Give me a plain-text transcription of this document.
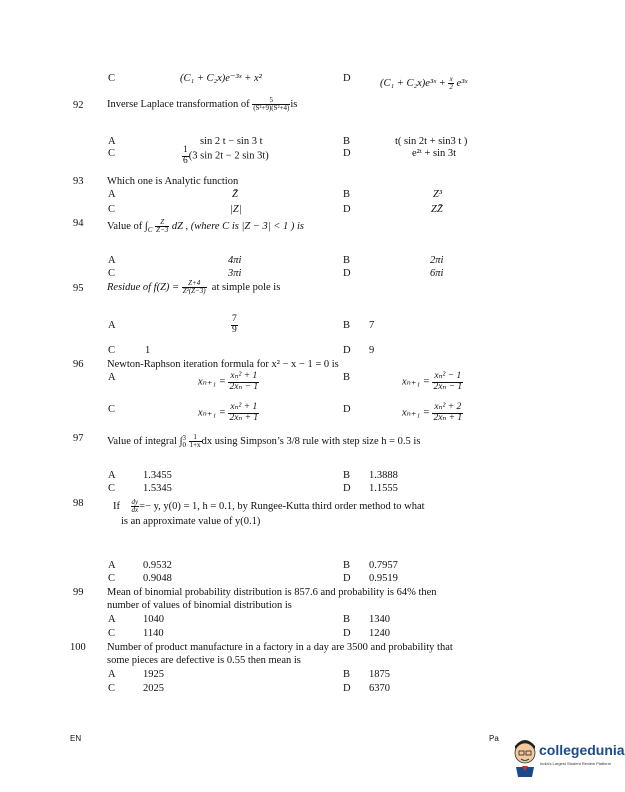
C	(C₁ + C₂x)e⁻³ˣ + x²	D	(C₁ + C₂x)e³ˣ + $\frac{x}{2}$ e³ˣ
92 Inverse Laplace transformation of $\frac{5}{\text{(S²+9)(S²+4)}}$ is
A	sin 2 t − sin 3 t	B	t( sin 2t + sin3 t )
C	$\frac{1}{6} (3$ sin 2t − 2 sin 3t)	D	e²ᵗ + sin 3t
93 Which one is Analytic function
A	Z̄	B	Z³
C	|Z|	D	ZZ̄
94 Value of $\int_C \frac{Z}{Z-3}$ dZ , (where C is |Z − 3| < 1 ) is
A	4πi	B	2πi
C	3πi	D	6πi
95 Residue of $f(Z) = \frac{Z+4}{\text{Z²(Z−3)}}$ at simple pole is
A	$\frac{7}{9}$	B 7
C	1	D 9
96 Newton-Raphson iteration formula for x² − x − 1 = 0 is
A	$x_{n+1} = \frac{\text{xₙ² + 1}}{\text{2xₙ − 1}}$	B	$x_{n+1} = \frac{\text{xₙ² − 1}}{\text{2xₙ − 1}}$
C	$x_{n+1} = \frac{\text{xₙ² + 1}}{\text{2xₙ + 1}}$	D	$x_{n+1} = \frac{\text{xₙ² + 2}}{\text{2xₙ + 1}}$
97 Value of integral ∫ 3
0
$\frac{1}{1+x}$ dx using Simpson’s 3/8 rule with step size h = 0.5 is
A	1.3455	B 1.3888
C	1.5345	D 1.1555
98	If $\frac{dy}{dx} =- y$, y(0) = 1, h = 0.1, by Rungee-Kutta third order method to what
is an approximate value of y(0.1)
A	0.9532	B 0.7957
C	0.9048	D 0.9519
99 Mean of binomial probability distribution is 857.6 and probability is 64% then
number of values of binomial distribution is
A	1040	B 1340
C	1140	D 1240
100 Number of product manufacture in a factory in a day are 3500 and probability that
some pieces are defective is 0.55 then mean is
A	1925	B 1875
C	2025	D 6370
EN	Pa
collegedunia
India's Largest Student Review Platform
